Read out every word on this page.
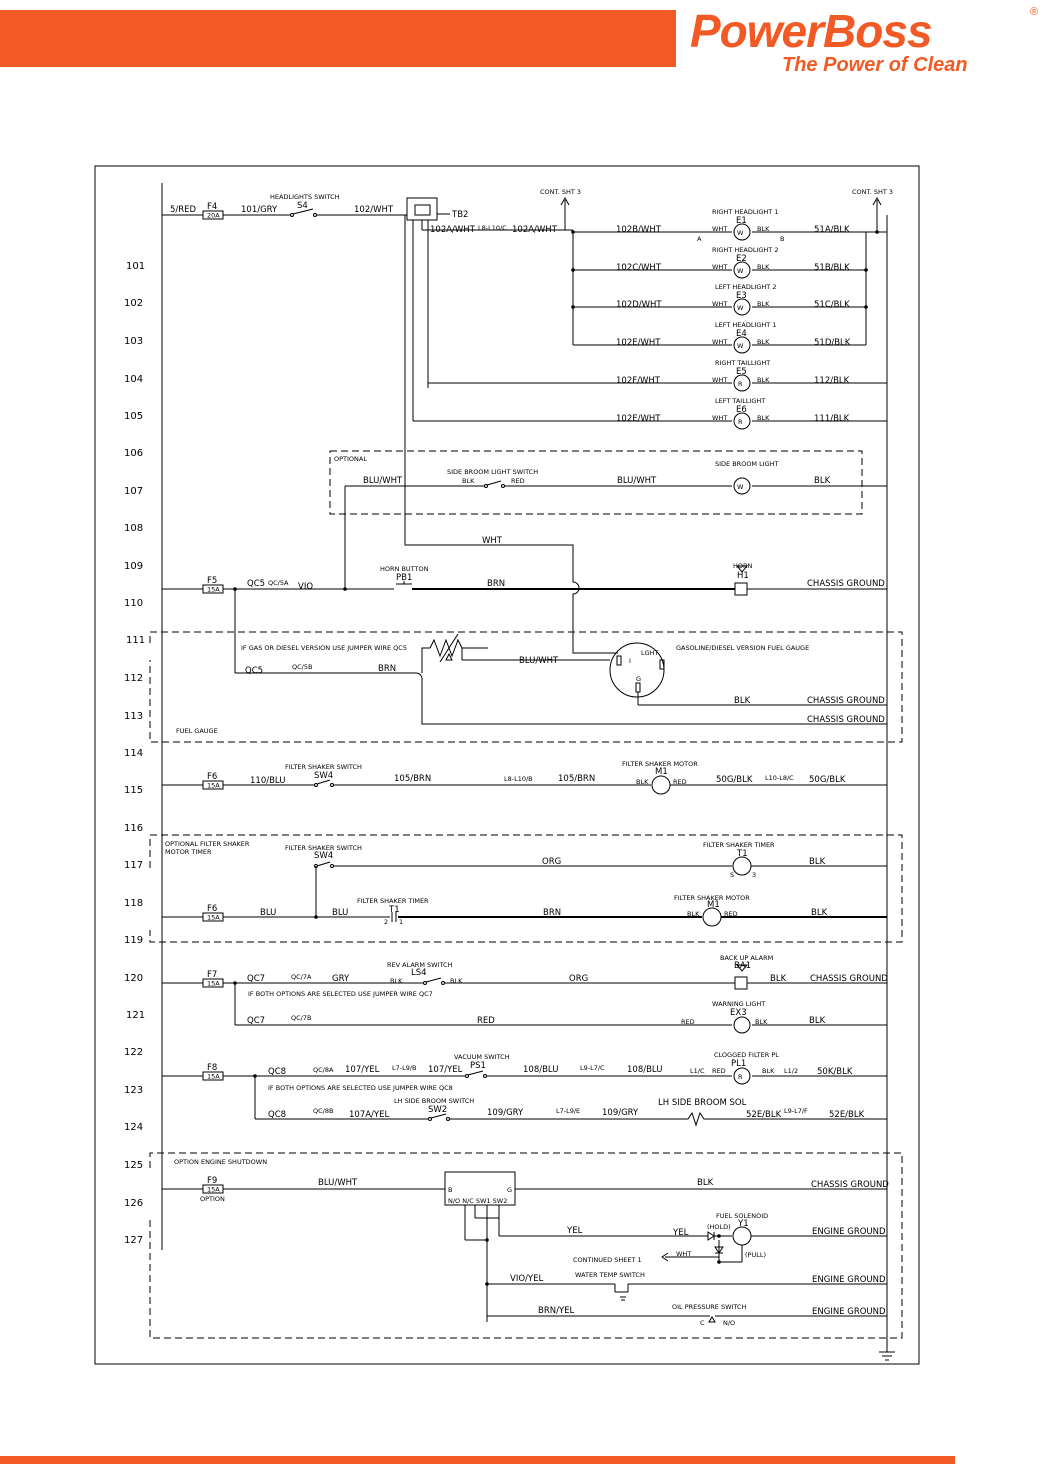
PowerBoss	®
The Power of Clean
101
102
103
104
105
106
107
108
109
110
111
112
113
114
115
116
117
118
119
120
121
122
123
124
125
126
127
20A
F4
5/RED	101/GRY
HEADLIGHTS SWITCH
S4	102/WHT	TB2
102A/WHT L8-L10/C 102A/WHT
CONT. SHT 3	CONT. SHT 3
W
RIGHT HEADLIGHT 1
E1
102B/WHT	51A/BLK
WHT	BLK
A	B
W
RIGHT HEADLIGHT 2
E2
102C/WHT	51B/BLK
WHT	BLK
W
LEFT HEADLIGHT 2
E3
102D/WHT	51C/BLK
WHT	BLK
W
LEFT HEADLIGHT 1
E4
102E/WHT	51D/BLK
WHT	BLK
R
RIGHT TAILLIGHT
E5
102F/WHT	112/BLK
WHT	BLK
R
LEFT TAILLIGHT
E6
102E/WHT	111/BLK
WHT	BLK
OPTIONAL
BLU/WHT
SIDE BROOM LIGHT SWITCH
RED
BLK	BLU/WHT
W
SIDE BROOM LIGHT
BLK
15A
F5	QC5 QC/5A VIO
HORN BUTTON
PB1
BRN
HORN
H1
CHASSIS GROUND
WHT
FUEL GAUGE
IF GAS OR DIESEL VERSION USE JUMPER WIRE QC5
QC5	QC/5B	BRN
CHASSIS GROUND
BLU/WHT
LGHT
I
G
GASOLINE/DIESEL VERSION FUEL GAUGE
BLK	CHASSIS GROUND
15A
F6	110/BLU
FILTER SHAKER SWITCH
SW4	105/BRN	L8-L10/B	105/BRN
FILTER SHAKER MOTOR
M1
BLK	RED	50G/BLK L10-L8/C 50G/BLK
OPTIONAL FILTER SHAKER
MOTOR TIMER	FILTER SHAKER SWITCH
SW4
ORG
FILTER SHAKER TIMER
T1
S	3
BLK
15A
F6	BLU	BLU
FILTER SHAKER TIMER
T1
2 1
BRN
FILTER SHAKER MOTOR
M1
BLK	RED	BLK
15A
F7	QC7	QC/7A GRY
REV ALARM SWITCH
LS4
BLK	BLK	ORG
BACK UP ALARM
BA1
BLK	CHASSIS GROUND
IF BOTH OPTIONS ARE SELECTED USE JUMPER WIRE QC7
QC7	QC/7B	RED
WARNING LIGHT
EX3
RED	BLK	BLK
15A
F8	QC8	QC/8A 107/YEL L7-L9/B 107/YEL
VACUUM SWITCH
PS1	108/BLU	L9-L7/C	108/BLU
R
CLOGGED FILTER PL
PL1
L1/C RED	BLK L1/2 50K/BLK
IF BOTH OPTIONS ARE SELECTED USE JUMPER WIRE QC8
QC8	QC/8B 107A/YEL
LH SIDE BROOM SWITCH
SW2	109/GRY	L7-L9/E	109/GRY
LH SIDE BROOM SOL
52E/BLK L9-L7/F 52E/BLK
OPTION ENGINE SHUTDOWN
15A
F9
OPTION
BLU/WHT
B	G
N/O N/C SW1 SW2
BLK	CHASSIS GROUND
YEL	YEL
(HOLD)
FUEL SOLENOID
Y1
ENGINE GROUND
(PULL)
WHT
CONTINUED SHEET 1
VIO/YEL	WATER TEMP SWITCH	ENGINE GROUND
BRN/YEL	OIL PRESSURE SWITCH
C	N/O
ENGINE GROUND
